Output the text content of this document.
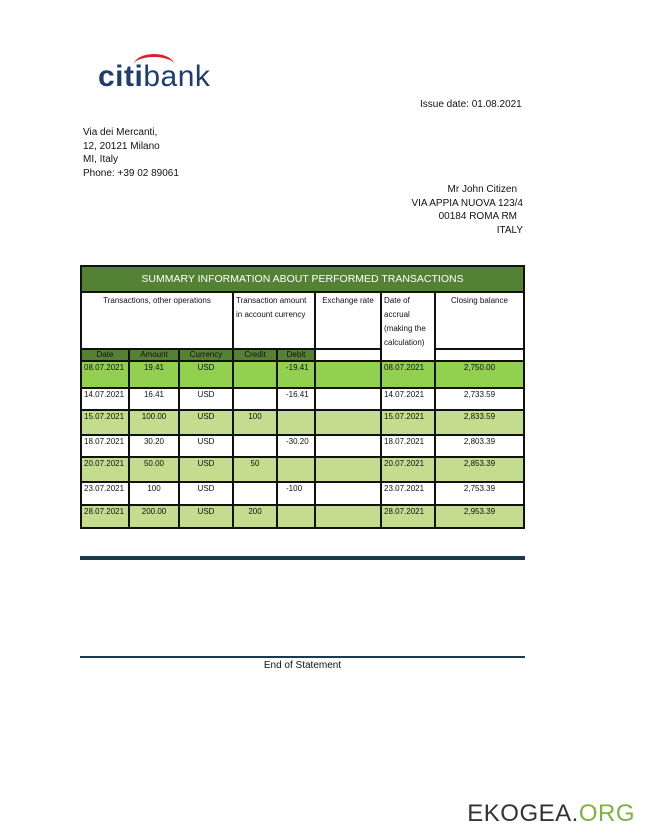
citibank
Issue date: 01.08.2021
Via dei Mercanti,
12, 20121 Milano
MI, Italy
Phone: +39 02 89061
Mr John Citizen
VIA APPIA NUOVA 123/4
00184 ROMA RM
ITALY
SUMMARY INFORMATION ABOUT PERFORMED TRANSACTIONS							
Transactions, other operations			Transaction amount in account currency		Exchange rate	Date of accrual (making the calculation)	Closing balance
Date	Amount	Currency	Credit	Debit			
08.07.2021	19.41	USD		-19.41		08.07.2021	2,750.00
14.07.2021	16.41	USD		-16.41		14.07.2021	2,733.59
15.07.2021	100.00	USD	100			15.07.2021	2,833.59
18.07.2021	30.20	USD		-30.20		18.07.2021	2,803.39
20.07.2021	50.00	USD	50			20.07.2021	2,853.39
23.07.2021	100	USD		-100		23.07.2021	2,753.39
28.07.2021	200.00	USD	200			28.07.2021	2,953.39
End of Statement
EKOGEA.ORG
